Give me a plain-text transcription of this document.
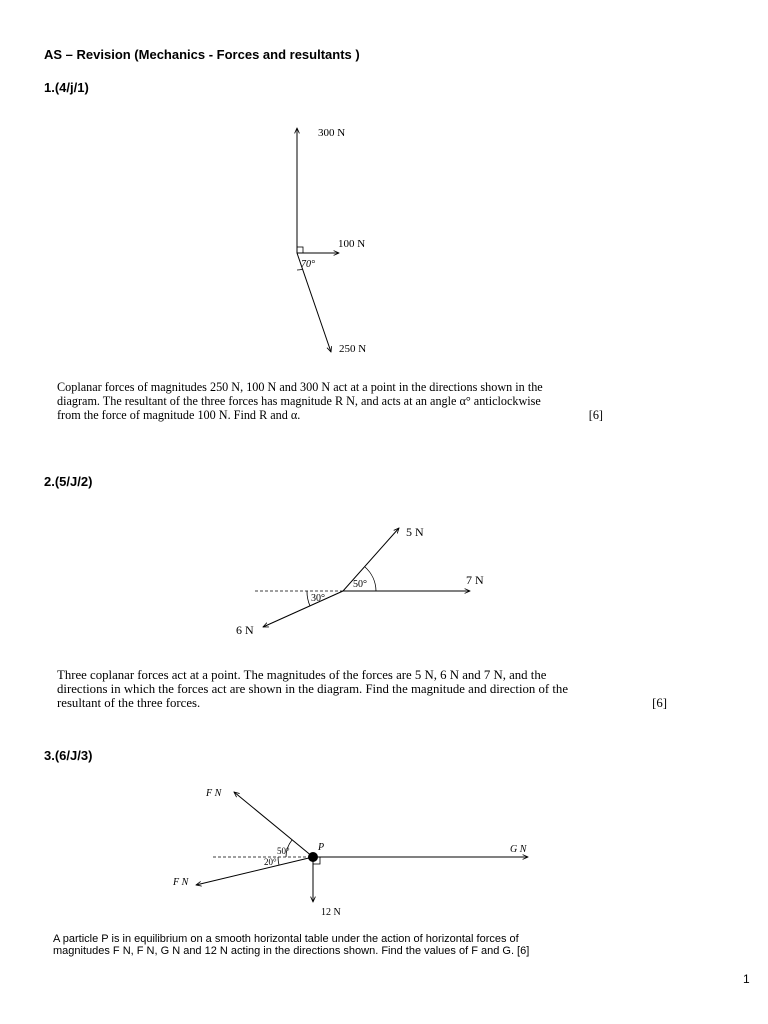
AS – Revision (Mechanics - Forces and resultants )
1.(4/j/1)
300 N
100 N
250 N
70°
5 N
7 N
6 N
50°
30°
F N
F N
G N
P
12 N
50°
20°
Coplanar forces of magnitudes 250 N, 100 N and 300 N act at a point in the directions shown in the
diagram. The resultant of the three forces has magnitude R N, and acts at an angle α° anticlockwise
from the force of magnitude 100 N. Find R and α.	[6]
2.(5/J/2)
Three coplanar forces act at a point. The magnitudes of the forces are 5 N, 6 N and 7 N, and the
directions in which the forces act are shown in the diagram. Find the magnitude and direction of the
resultant of the three forces.	[6]
3.(6/J/3)
A particle P is in equilibrium on a smooth horizontal table under the action of horizontal forces of
magnitudes F N, F N, G N and 12 N acting in the directions shown. Find the values of F and G. [6]
1
